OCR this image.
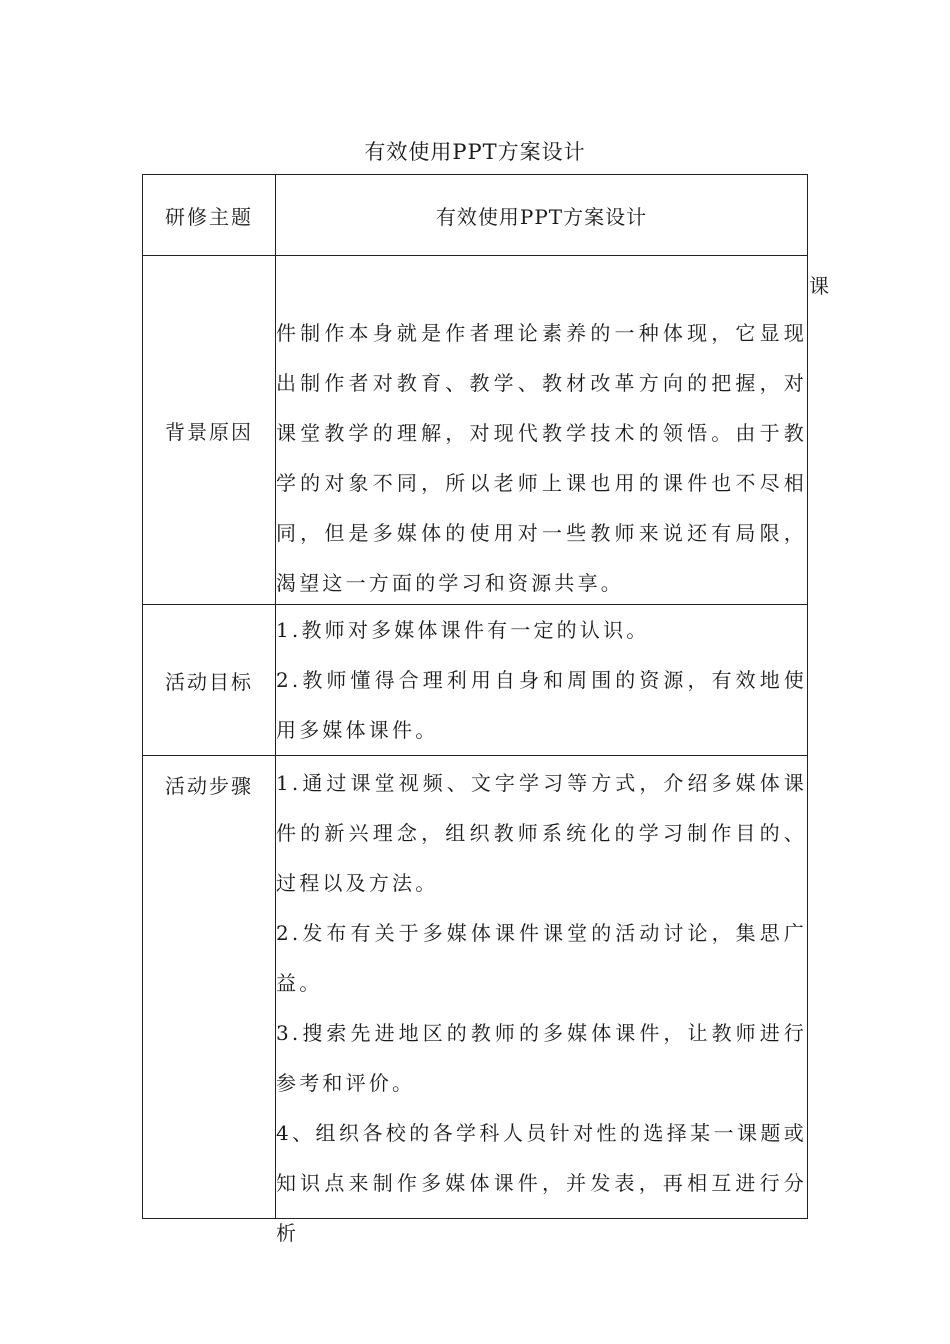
有效使用PPT方案设计
研修主题	有效使用PPT方案设计
背景原因	课

件制作本身就是作者理论素养的一种体现，它显现出制作者对教育、教学、教材改革方向的把握，对课堂教学的理解，对现代教学技术的领悟。由于教学的对象不同，所以老师上课也用的课件也不尽相同，但是多媒体的使用对一些教师来说还有局限，渴望这一方面的学习和资源共享。

活动目标	1.教师对多媒体课件有一定的认识。

2.教师懂得合理利用自身和周围的资源，有效地使用多媒体课件。

活动步骤	1.通过课堂视频、文字学习等方式，介绍多媒体课件的新兴理念，组织教师系统化的学习制作目的、过程以及方法。

2.发布有关于多媒体课件课堂的活动讨论，集思广益。

3.搜索先进地区的教师的多媒体课件，让教师进行参考和评价。

4、组织各校的各学科人员针对性的选择某一课题或知识点来制作多媒体课件，并发表，再相互进行分析
